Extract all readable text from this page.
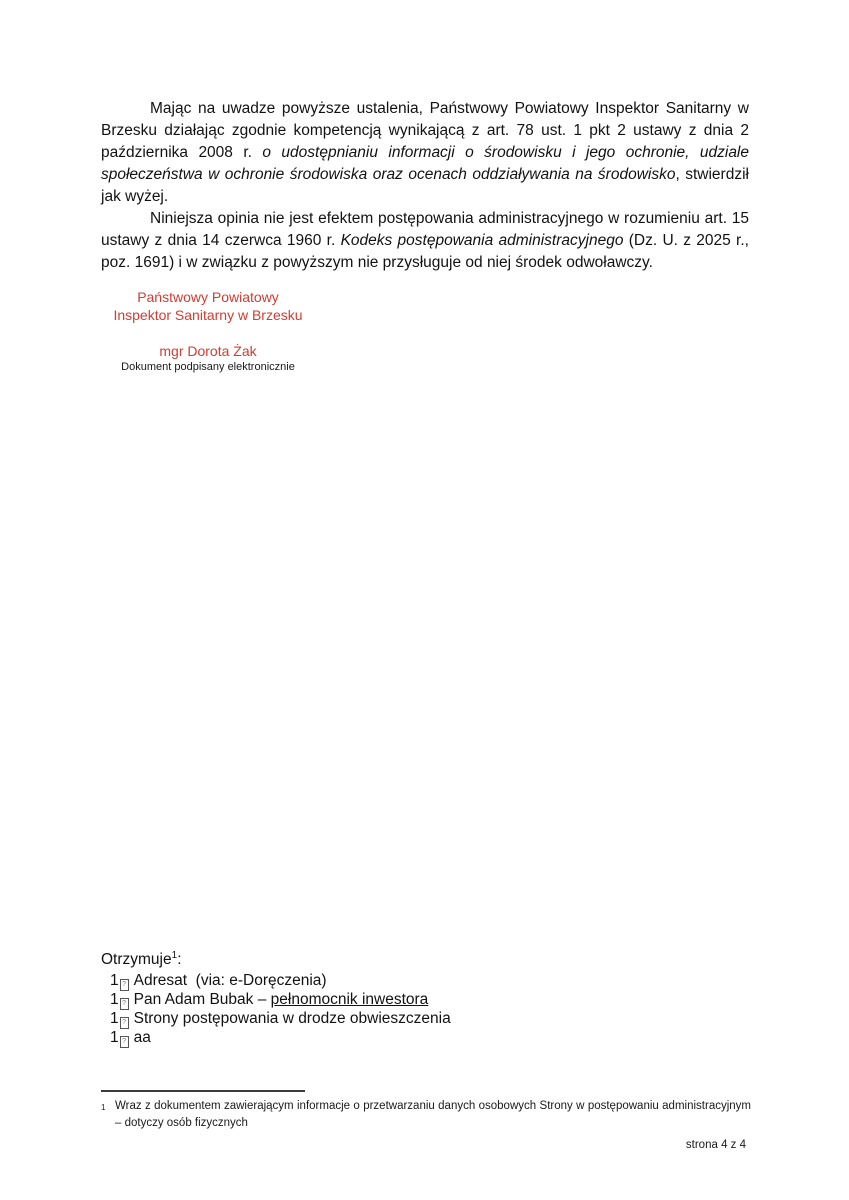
Mając na uwadze powyższe ustalenia, Państwowy Powiatowy Inspektor Sanitarny w Brzesku działając zgodnie kompetencją wynikającą z art. 78 ust. 1 pkt 2 ustawy z dnia 2 października 2008 r. o udostępnianiu informacji o środowisku i jego ochronie, udziale społeczeństwa w ochronie środowiska oraz ocenach oddziaływania na środowisko, stwierdził jak wyżej.

Niniejsza opinia nie jest efektem postępowania administracyjnego w rozumieniu art. 15 ustawy z dnia 14 czerwca 1960 r. Kodeks postępowania administracyjnego (Dz. U. z 2025 r., poz. 1691) i w związku z powyższym nie przysługuje od niej środek odwoławczy.

Państwowy Powiatowy
Inspektor Sanitarny w Brzesku
mgr Dorota Żak
Dokument podpisany elektronicznie
Otrzymuje$^1$:
1 ? Adresat  (via: e-Doręczenia)
1 ? Pan Adam Bubak – pełnomocnik inwestora
1 ? Strony postępowania w drodze obwieszczenia
1 ? aa
1 Wraz z dokumentem zawierającym informacje o przetwarzaniu danych osobowych Strony w postępowaniu administracyjnym – dotyczy osób fizycznych
strona 4 z 4
